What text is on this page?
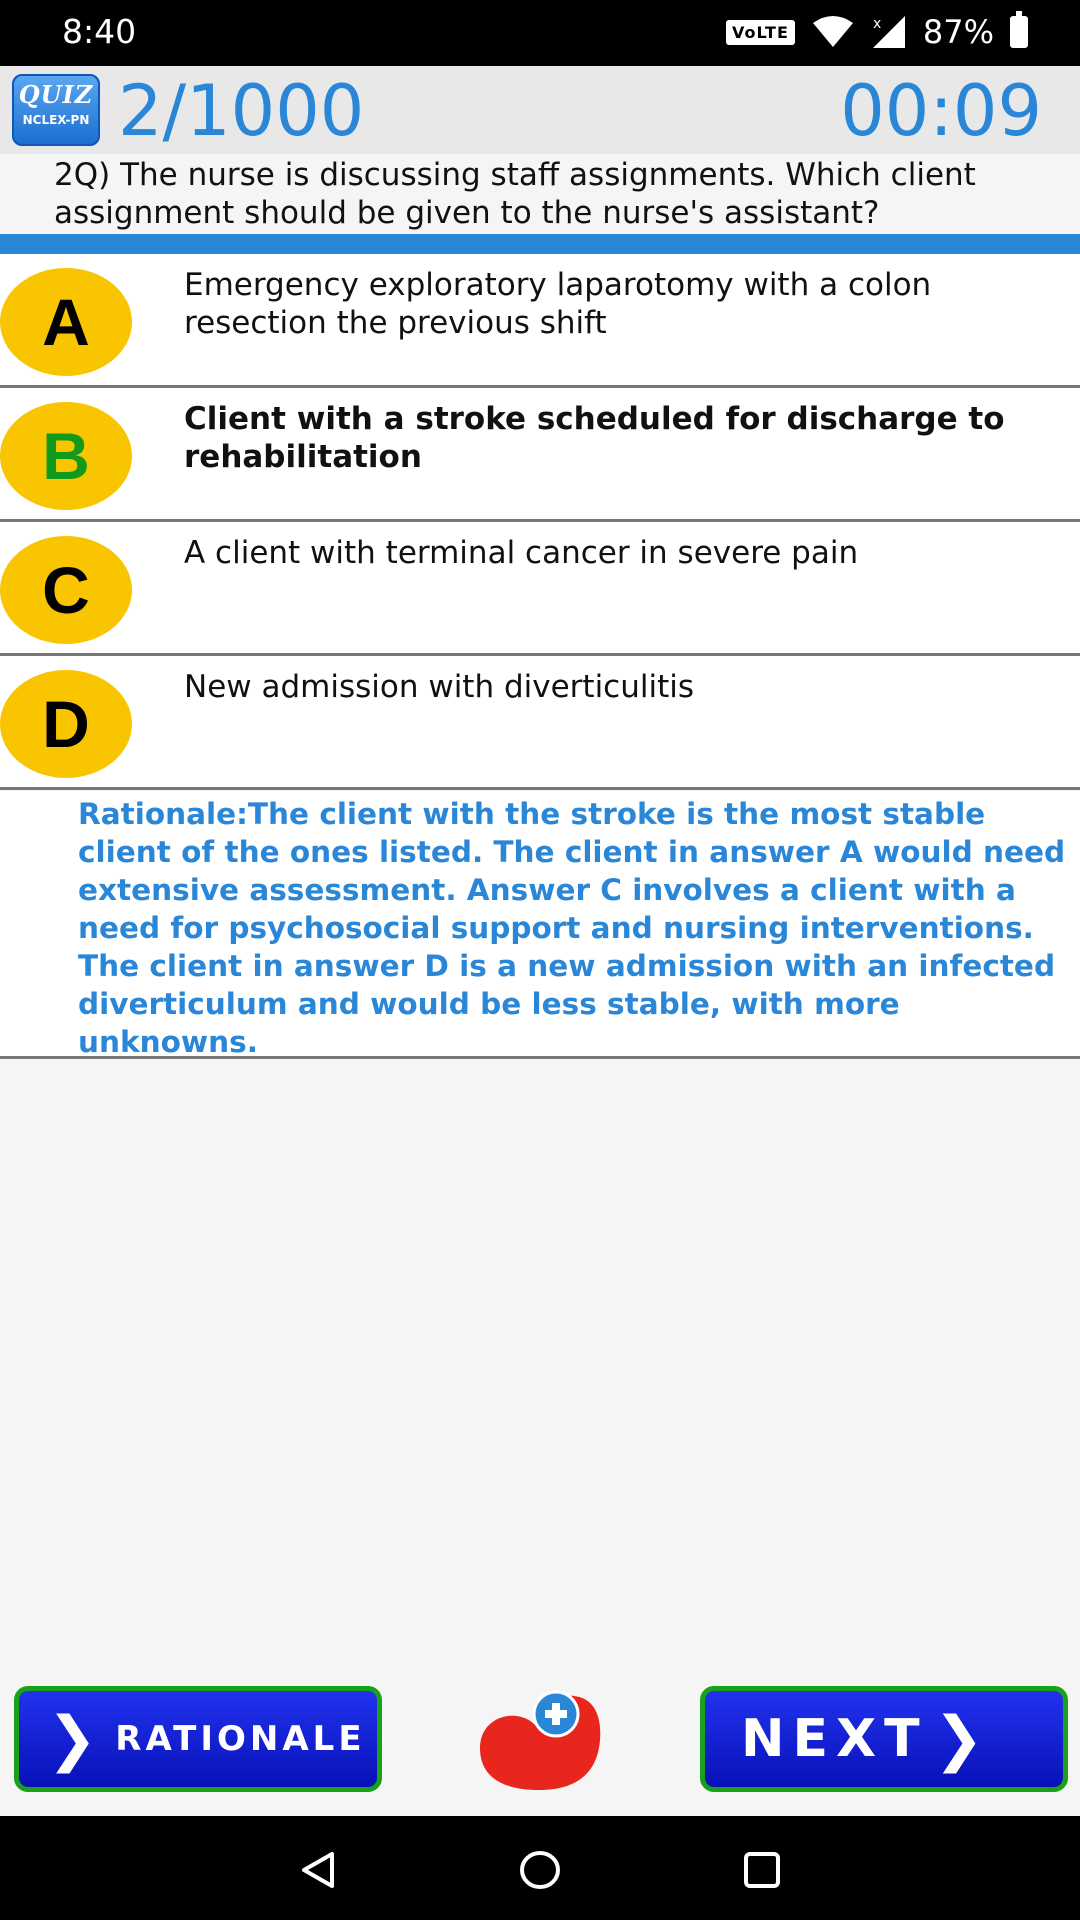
8:40	VoLTE	x 87%
QUIZ
NCLEX-PN 2/1000	00:09
2Q) The nurse is discussing staff assignments. Which client assignment should be given to the nurse's assistant?
A	Emergency exploratory laparotomy with a colon resection the previous shift
B	Client with a stroke scheduled for discharge to rehabilitation
C	A client with terminal cancer in severe pain
D	New admission with diverticulitis
Rationale:The client with the stroke is the most stable client of the ones listed. The client in answer A would need extensive assessment. Answer C involves a client with a need for psychosocial support and nursing interventions. The client in answer D is a new admission with an infected diverticulum and would be less stable, with more unknowns.
❯ RATIONALE	NEXT ❯
